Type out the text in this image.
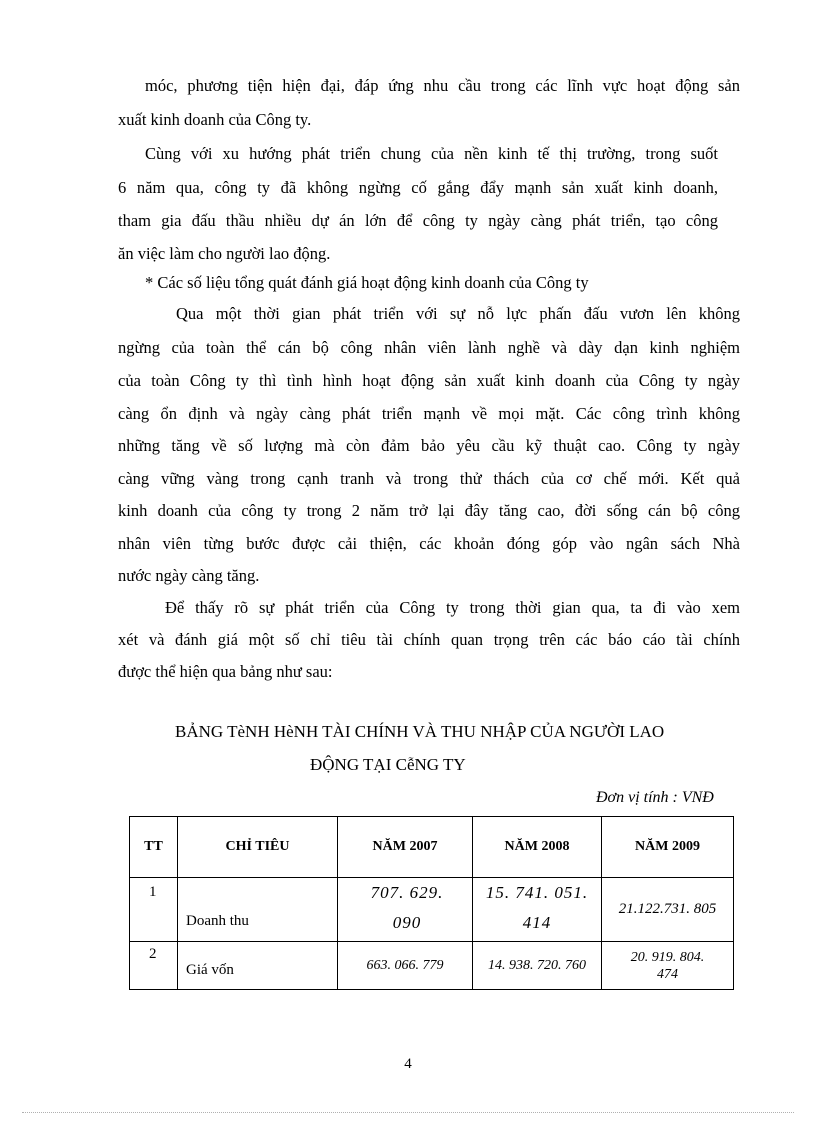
móc, phương tiện hiện đại, đáp ứng nhu cầu trong các lĩnh vực hoạt động sản
xuất kinh doanh của Công ty.
Cùng với xu hướng phát triển chung của nền kinh tế thị trường, trong suốt
6 năm qua, công ty đã không ngừng cố gắng đẩy mạnh sản xuất kinh doanh,
tham gia đấu thầu nhiều dự án lớn để công ty ngày càng phát triển, tạo công
ăn việc làm cho người lao động.
* Các số liệu tổng quát đánh giá hoạt động kinh doanh của Công ty
Qua một thời gian phát triển với sự nỗ lực phấn đấu vươn lên không
ngừng của toàn thể cán bộ công nhân viên lành nghề và dày dạn kinh nghiệm
của toàn Công ty thì tình hình hoạt động sản xuất kinh doanh của Công ty ngày
càng ổn định và ngày càng phát triển mạnh về mọi mặt. Các công trình không
những tăng về số lượng mà còn đảm bảo yêu cầu kỹ thuật cao. Công ty ngày
càng vững vàng trong cạnh tranh và trong thử thách của cơ chế mới. Kết quả
kinh doanh của công ty trong 2 năm trở lại đây tăng cao, đời sống cán bộ công
nhân viên từng bước được cải thiện, các khoản đóng góp vào ngân sách Nhà
nước ngày càng tăng.
Để thấy rõ sự phát triển của Công ty trong thời gian qua, ta đi vào xem
xét và đánh giá một số chỉ tiêu tài chính quan trọng trên các báo cáo tài chính
được thể hiện qua bảng như sau:
BẢNG TèNH HèNH TÀI CHÍNH VÀ THU NHẬP CỦA NGƯỜI LAO
ĐỘNG TẠI CễNG TY
Đơn vị tính : VNĐ
TT	CHỈ TIÊU	NĂM 2007	NĂM 2008	NĂM 2009

1	Doanh thu	707. 629. 090	15. 741. 051. 414	21.122.731. 805

2	Giá vốn	663. 066. 779	14. 938. 720. 760	20. 919. 804. 474
4
